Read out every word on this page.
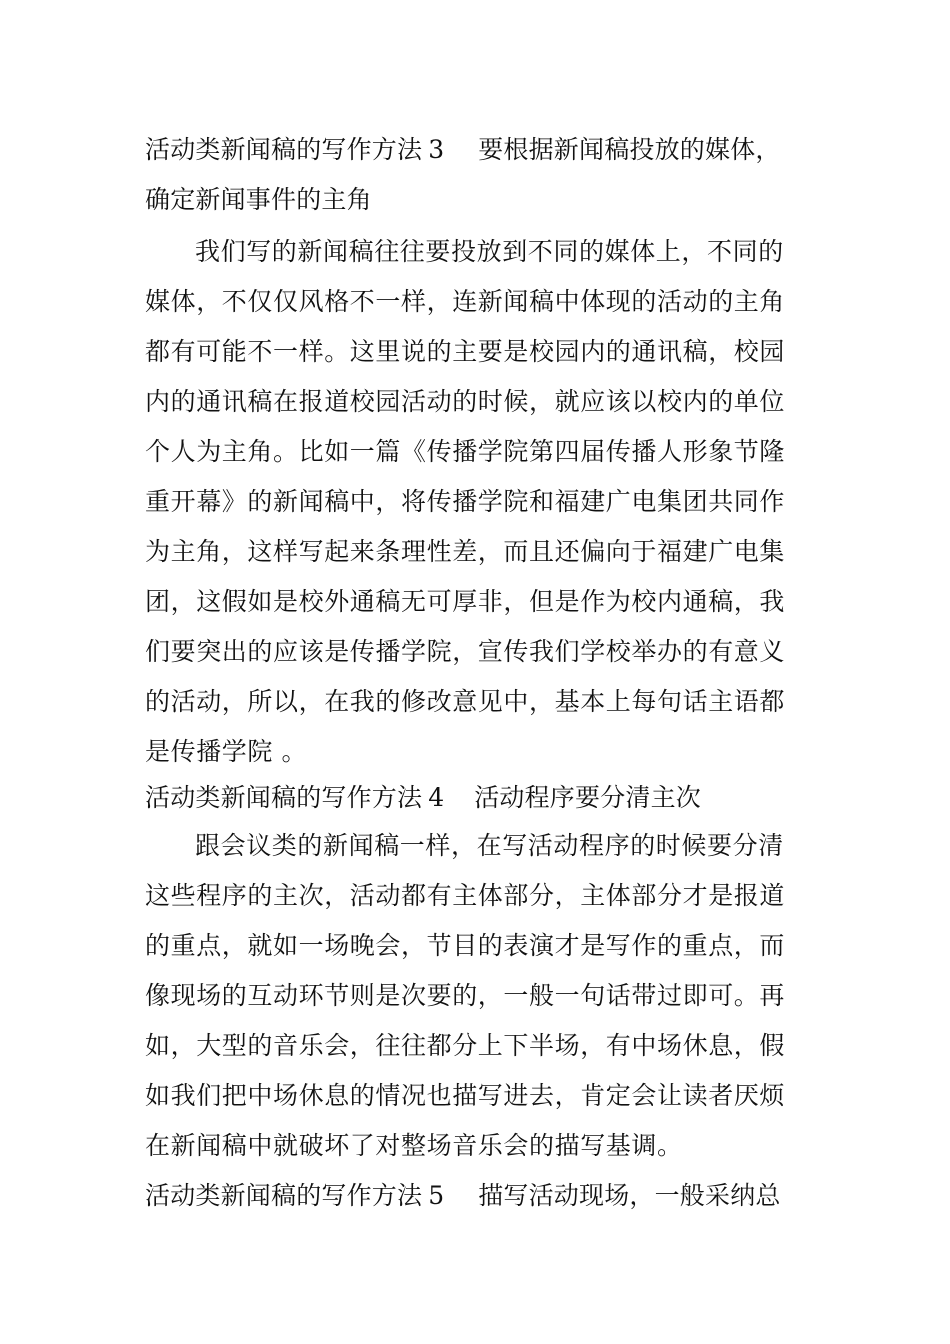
活动类新闻稿的写作方法 3 要根据新闻稿投放的媒体，
确定新闻事件的主角
我们写的新闻稿往往要投放到不同的媒体上，不同的
媒体，不仅仅风格不一样，连新闻稿中体现的活动的主角
都有可能不一样。这里说的主要是校园内的通讯稿，校园
内的通讯稿在报道校园活动的时候，就应该以校内的单位
个人为主角。比如一篇《传播学院第四届传播人形象节隆
重开幕》的新闻稿中，将传播学院和福建广电集团共同作
为主角，这样写起来条理性差，而且还偏向于福建广电集
团，这假如是校外通稿无可厚非，但是作为校内通稿，我
们要突出的应该是传播学院，宣传我们学校举办的有意义
的活动，所以，在我的修改意见中，基本上每句话主语都
是传播学院 。
活动类新闻稿的写作方法 4 活动程序要分清主次
跟会议类的新闻稿一样，在写活动程序的时候要分清
这些程序的主次，活动都有主体部分，主体部分才是报道
的重点，就如一场晚会，节目的表演才是写作的重点，而
像现场的互动环节则是次要的，一般一句话带过即可。再
如，大型的音乐会，往往都分上下半场，有中场休息，假
如我们把中场休息的情况也描写进去，肯定会让读者厌烦
在新闻稿中就破坏了对整场音乐会的描写基调。
活动类新闻稿的写作方法 5 描写活动现场，一般采纳总
